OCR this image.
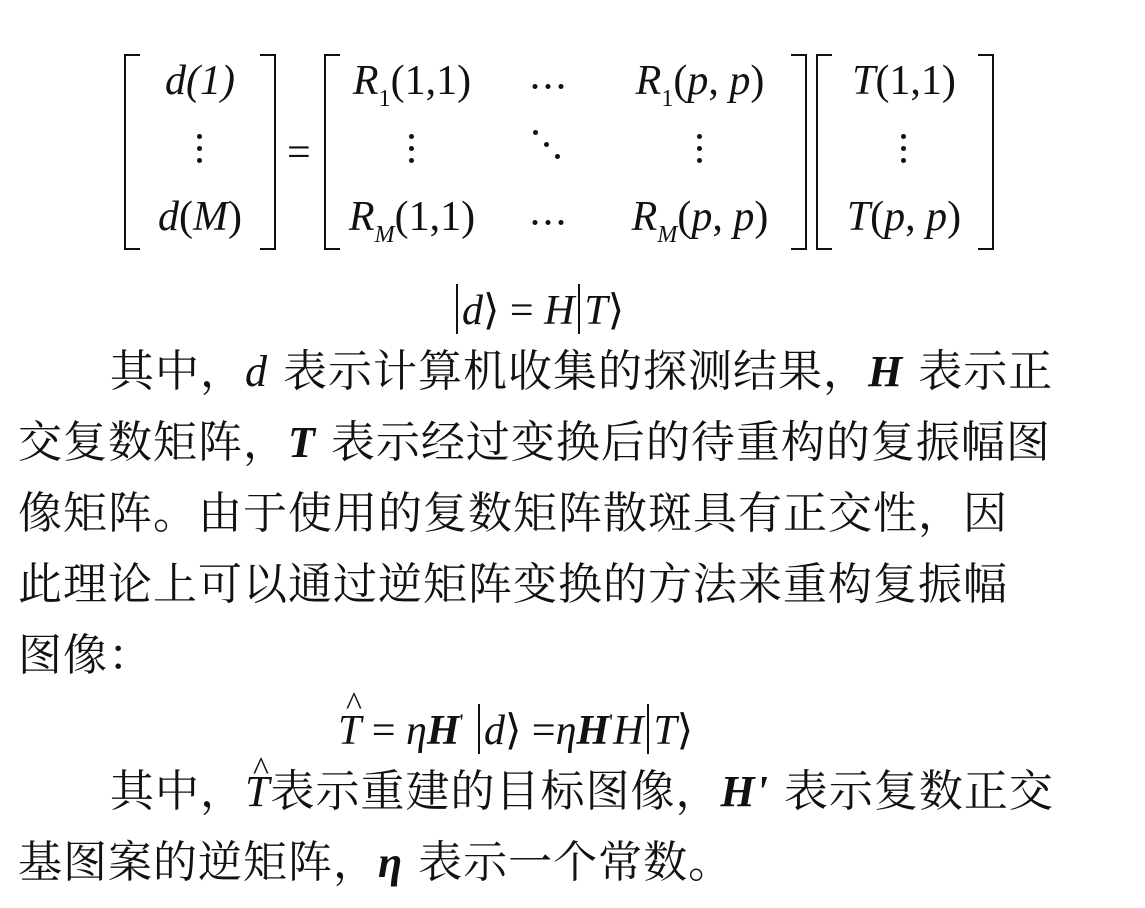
d(1)
d(M)
=
$R_1(1,1)$	$R_1(p$, p)
$R_M(1,1)$	$R_M(p$, p)
T(1,1)
T(p, p)
d⟩ = H T⟩
其中，d 表示计算机收集的探测结果，H 表示正
交复数矩阵，T 表示经过变换后的待重构的复振幅图
像矩阵。由于使用的复数矩阵散斑具有正交性，因
此理论上可以通过逆矩阵变换的方法来重构复振幅
图像：
^ T = ηH' d⟩ =ηH'H T⟩
其中，^ T表示重建的目标图像，H' 表示复数正交
基图案的逆矩阵，η 表示一个常数。
